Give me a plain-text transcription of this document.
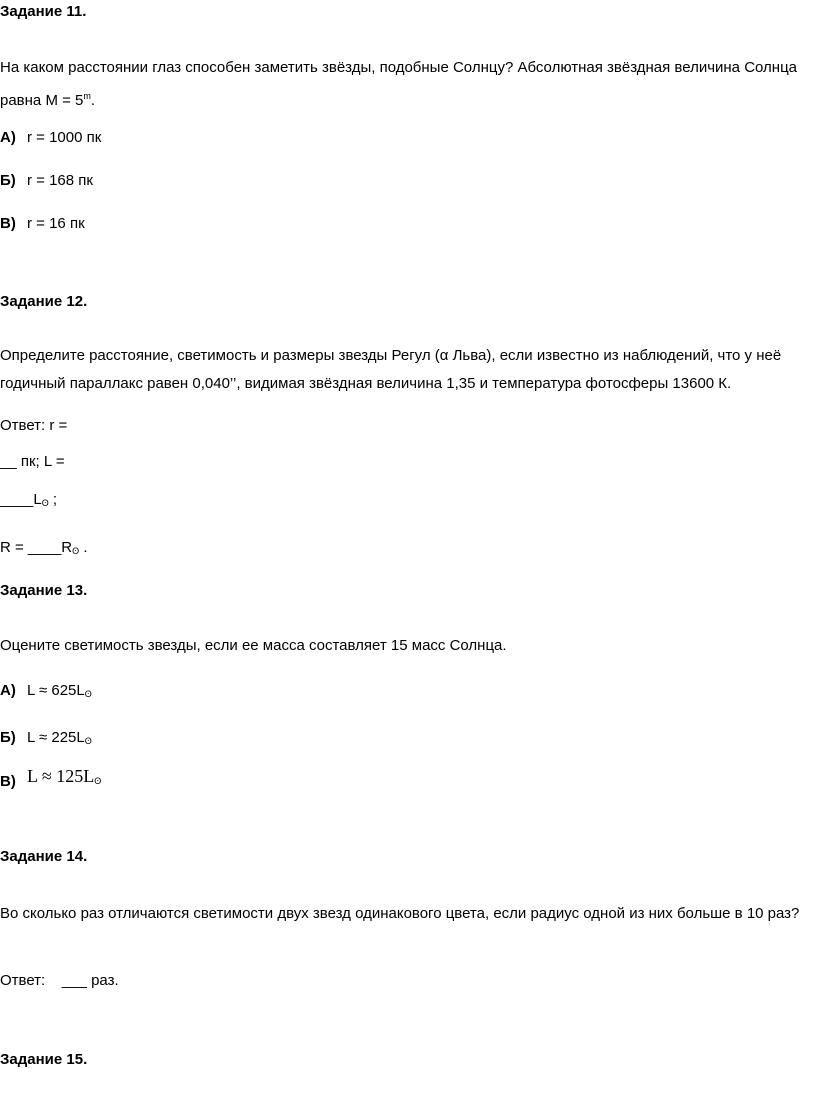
Задание 11.
На каком расстоянии глаз способен заметить звёзды, подобные Солнцу? Абсолютная звёздная величина Солнца равна $М = 5^m$.
А) r = 1000 пк
Б) r = 168 пк
В) r = 16 пк
Задание 12.
Определите расстояние, светимость и размеры звезды Регул (α Льва), если известно из наблюдений, что у неё годичный параллакс равен 0,040’’, видимая звёздная величина 1,35 и температура фотосферы 13600 К.
Ответ: r =
__ пк; L =
$\_\_\_\_L_ʘ$ ;
$R = \_\_\_\_R_ʘ$ .
Задание 13.
Оцените светимость звезды, если ее масса составляет 15 масс Солнца.
А) $L \approx 625L_ʘ$
Б) $L \approx 225L_ʘ$
В) $L \approx 125L_ʘ$
Задание 14.
Во сколько раз отличаются светимости двух звезд одинакового цвета, если радиус одной из них больше в 10 раз?
Ответ:    ___ раз.
Задание 15.
